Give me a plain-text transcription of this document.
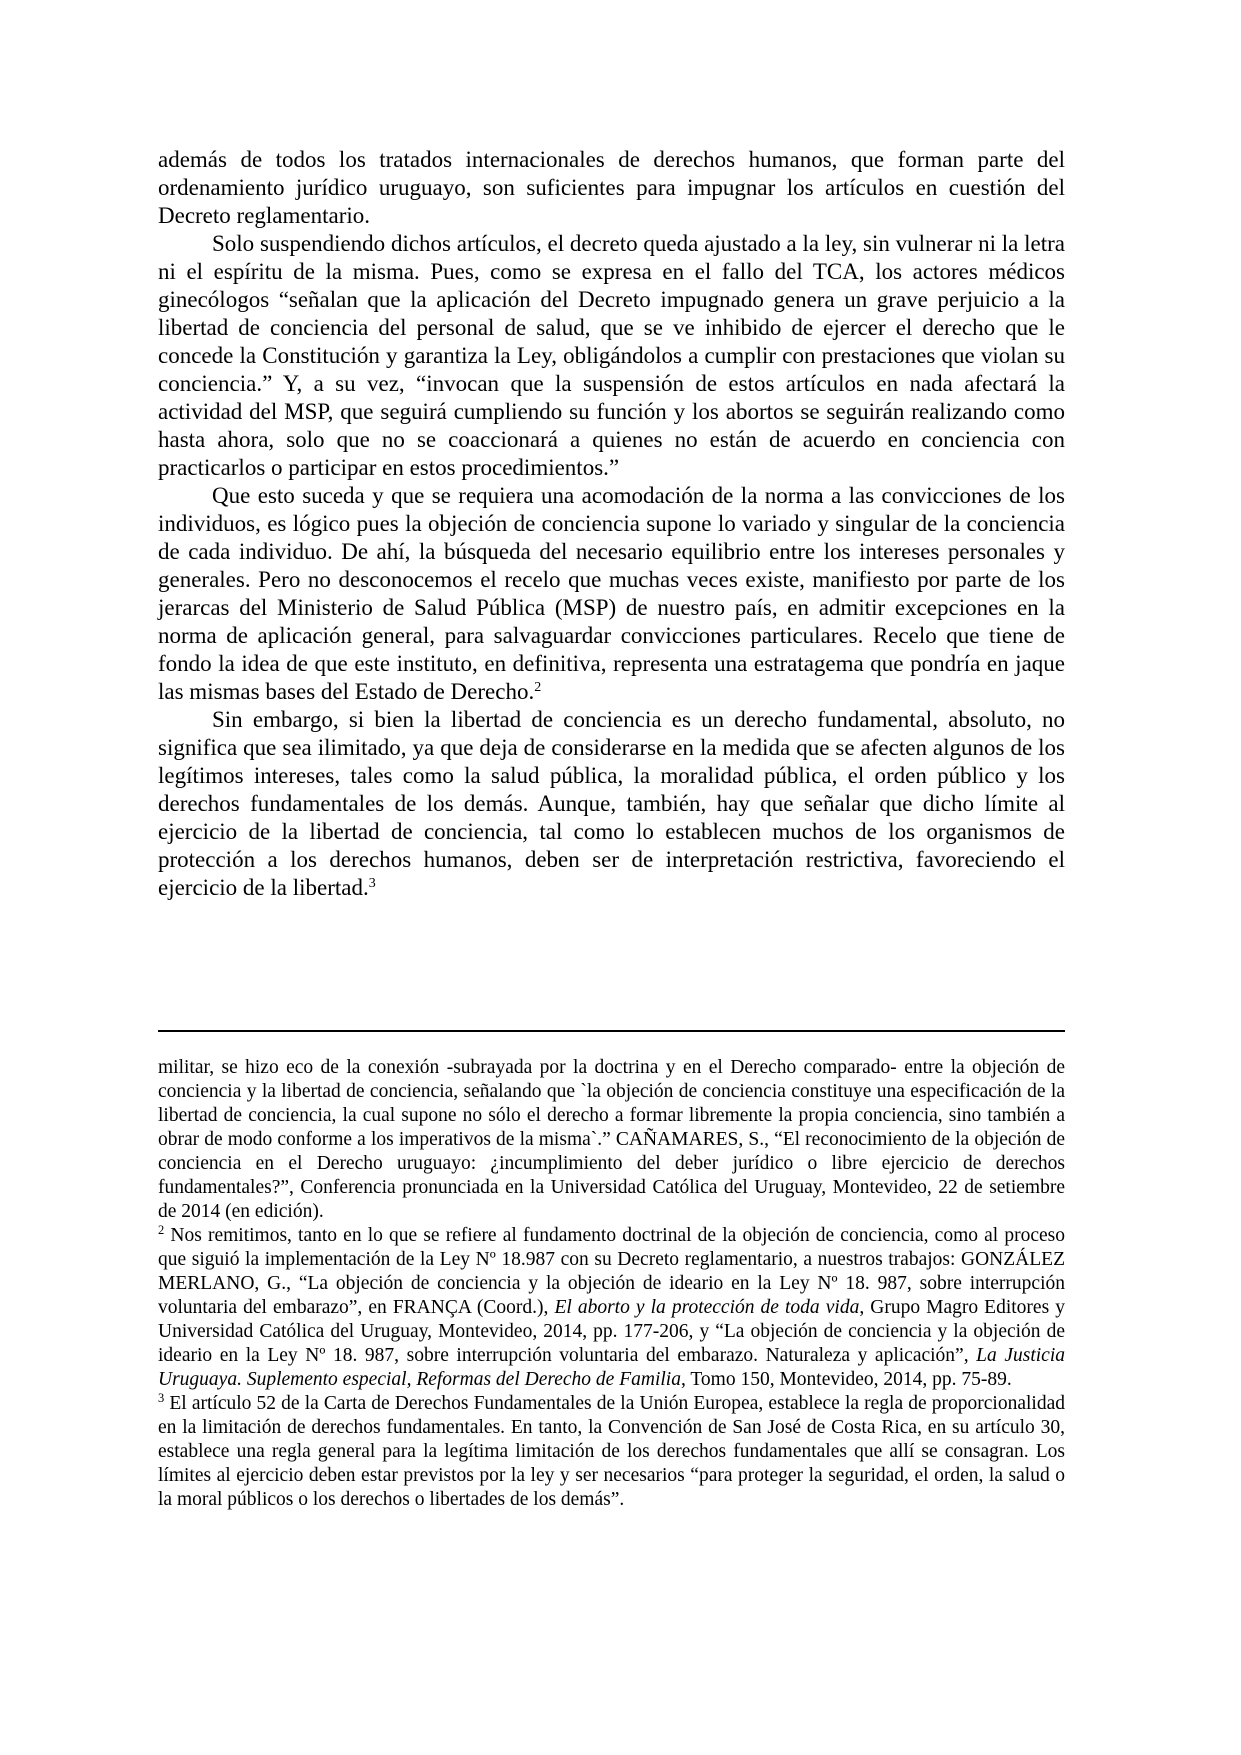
además de todos los tratados internacionales de derechos humanos, que forman parte del ordenamiento jurídico uruguayo, son suficientes para impugnar los artículos en cuestión del Decreto reglamentario.

Solo suspendiendo dichos artículos, el decreto queda ajustado a la ley, sin vulnerar ni la letra ni el espíritu de la misma. Pues, como se expresa en el fallo del TCA, los actores médicos ginecólogos “señalan que la aplicación del Decreto impugnado genera un grave perjuicio a la libertad de conciencia del personal de salud, que se ve inhibido de ejercer el derecho que le concede la Constitución y garantiza la Ley, obligándolos a cumplir con prestaciones que violan su conciencia.” Y, a su vez, “invocan que la suspensión de estos artículos en nada afectará la actividad del MSP, que seguirá cumpliendo su función y los abortos se seguirán realizando como hasta ahora, solo que no se coaccionará a quienes no están de acuerdo en conciencia con practicarlos o participar en estos procedimientos.”

Que esto suceda y que se requiera una acomodación de la norma a las convicciones de los individuos, es lógico pues la objeción de conciencia supone lo variado y singular de la conciencia de cada individuo. De ahí, la búsqueda del necesario equilibrio entre los intereses personales y generales. Pero no desconocemos el recelo que muchas veces existe, manifiesto por parte de los jerarcas del Ministerio de Salud Pública (MSP) de nuestro país, en admitir excepciones en la norma de aplicación general, para salvaguardar convicciones particulares. Recelo que tiene de fondo la idea de que este instituto, en definitiva, representa una estratagema que pondría en jaque las mismas bases del Estado de Derecho.$^2$

Sin embargo, si bien la libertad de conciencia es un derecho fundamental, absoluto, no significa que sea ilimitado, ya que deja de considerarse en la medida que se afecten algunos de los legítimos intereses, tales como la salud pública, la moralidad pública, el orden público y los derechos fundamentales de los demás. Aunque, también, hay que señalar que dicho límite al ejercicio de la libertad de conciencia, tal como lo establecen muchos de los organismos de protección a los derechos humanos, deben ser de interpretación restrictiva, favoreciendo el ejercicio de la libertad.$^3$

militar, se hizo eco de la conexión -subrayada por la doctrina y en el Derecho comparado- entre la objeción de conciencia y la libertad de conciencia, señalando que `la objeción de conciencia constituye una especificación de la libertad de conciencia, la cual supone no sólo el derecho a formar libremente la propia conciencia, sino también a obrar de modo conforme a los imperativos de la misma`.” CAÑAMARES, S., “El reconocimiento de la objeción de conciencia en el Derecho uruguayo: ¿incumplimiento del deber jurídico o libre ejercicio de derechos fundamentales?”, Conferencia pronunciada en la Universidad Católica del Uruguay, Montevideo, 22 de setiembre de 2014 (en edición).

$^2$ Nos remitimos, tanto en lo que se refiere al fundamento doctrinal de la objeción de conciencia, como al proceso que siguió la implementación de la Ley Nº 18.987 con su Decreto reglamentario, a nuestros trabajos: GONZÁLEZ MERLANO, G., “La objeción de conciencia y la objeción de ideario en la Ley Nº 18. 987, sobre interrupción voluntaria del embarazo”, en FRANÇA (Coord.), El aborto y la protección de toda vida, Grupo Magro Editores y Universidad Católica del Uruguay, Montevideo, 2014, pp. 177-206, y “La objeción de conciencia y la objeción de ideario en la Ley Nº 18. 987, sobre interrupción voluntaria del embarazo. Naturaleza y aplicación”, La Justicia Uruguaya. Suplemento especial, Reformas del Derecho de Familia, Tomo 150, Montevideo, 2014, pp. 75-89.

$^3$ El artículo 52 de la Carta de Derechos Fundamentales de la Unión Europea, establece la regla de proporcionalidad en la limitación de derechos fundamentales. En tanto, la Convención de San José de Costa Rica, en su artículo 30, establece una regla general para la legítima limitación de los derechos fundamentales que allí se consagran. Los límites al ejercicio deben estar previstos por la ley y ser necesarios “para proteger la seguridad, el orden, la salud o la moral públicos o los derechos o libertades de los demás”.
